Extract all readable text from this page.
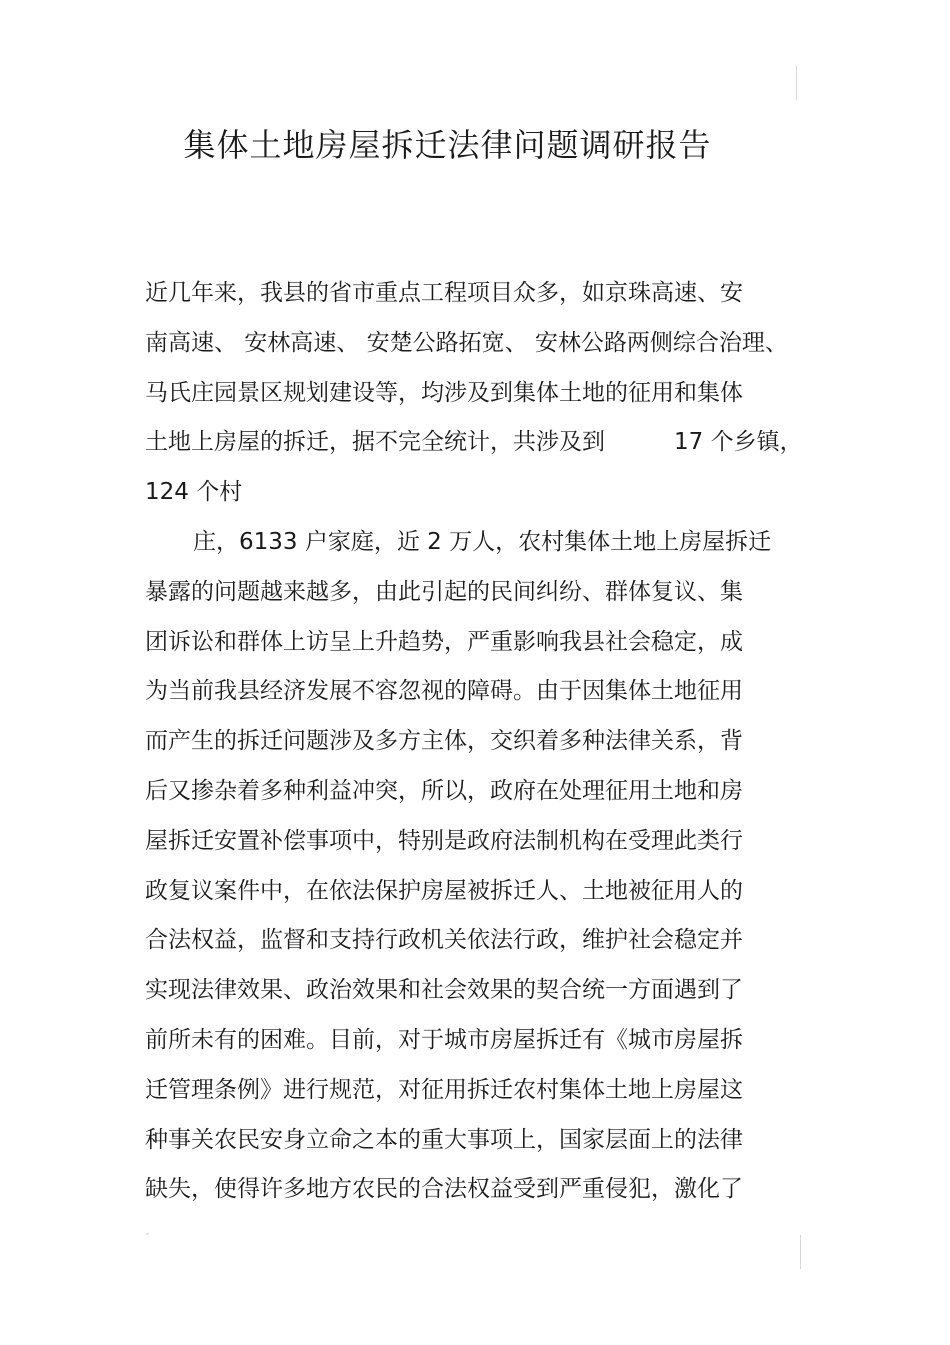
集体土地房屋拆迁法律问题调研报告
近几年来，我县的省市重点工程项目众多，如京珠高速、安
南高速、 安林高速、 安楚公路拓宽、 安林公路两侧综合治理、
马氏庄园景区规划建设等，均涉及到集体土地的征用和集体
土地上房屋的拆迁，据不完全统计，共涉及到　　　17 个乡镇，
124 个村
庄，6133 户家庭，近 2 万人，农村集体土地上房屋拆迁
暴露的问题越来越多，由此引起的民间纠纷、群体复议、集
团诉讼和群体上访呈上升趋势，严重影响我县社会稳定，成
为当前我县经济发展不容忽视的障碍。由于因集体土地征用
而产生的拆迁问题涉及多方主体，交织着多种法律关系，背
后又掺杂着多种利益冲突，所以，政府在处理征用土地和房
屋拆迁安置补偿事项中，特别是政府法制机构在受理此类行
政复议案件中，在依法保护房屋被拆迁人、土地被征用人的
合法权益，监督和支持行政机关依法行政，维护社会稳定并
实现法律效果、政治效果和社会效果的契合统一方面遇到了
前所未有的困难。目前，对于城市房屋拆迁有《城市房屋拆
迁管理条例》进行规范，对征用拆迁农村集体土地上房屋这
种事关农民安身立命之本的重大事项上，国家层面上的法律
缺失，使得许多地方农民的合法权益受到严重侵犯，激化了
